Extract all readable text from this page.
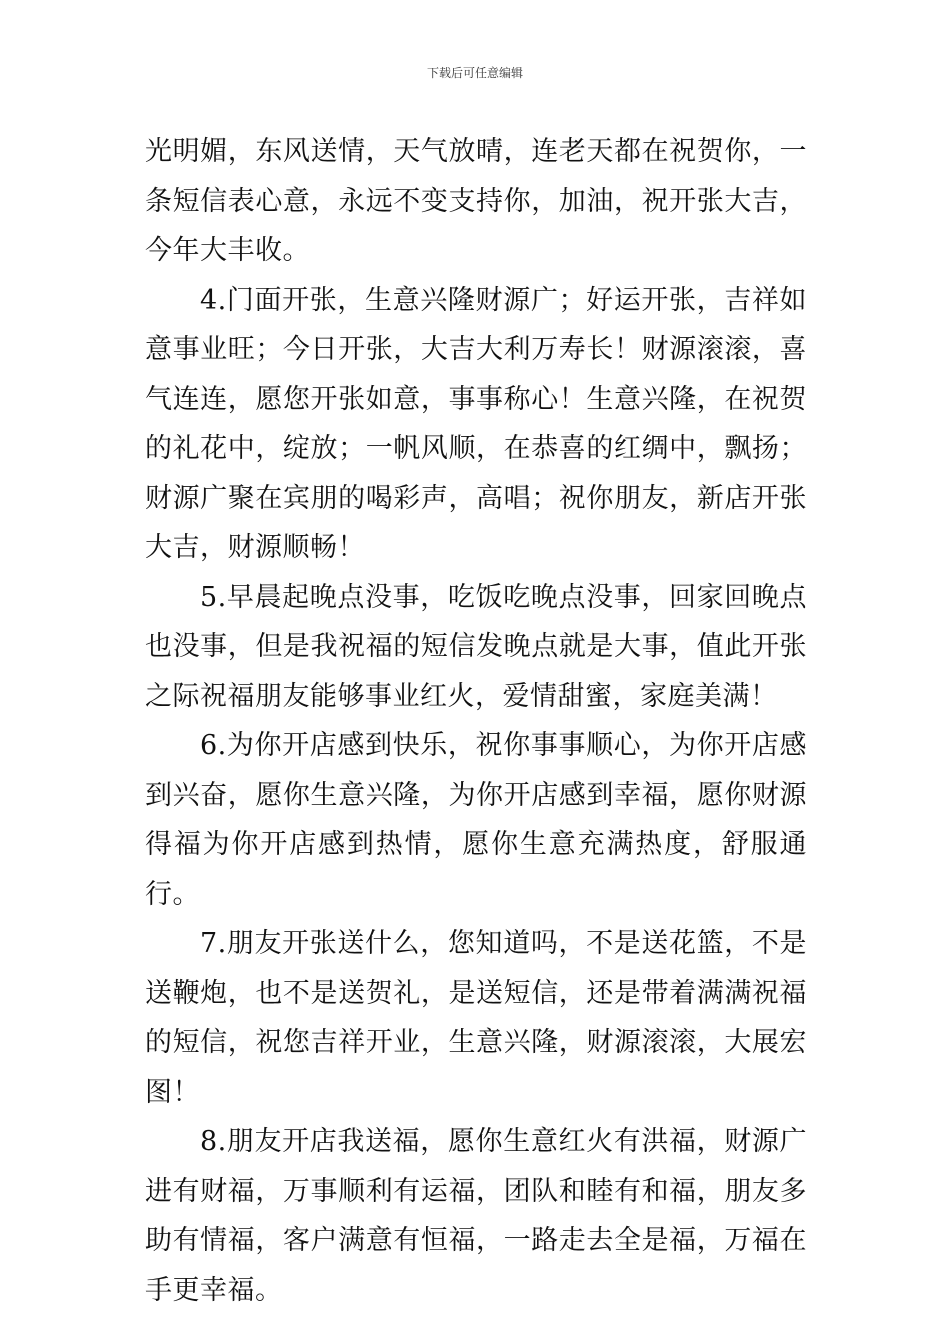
下载后可任意编辑

光明媚，东风送情，天气放晴，连老天都在祝贺你，一条短信表心意，永远不变支持你，加油，祝开张大吉，今年大丰收。

4.门面开张，生意兴隆财源广；好运开张，吉祥如意事业旺；今日开张，大吉大利万寿长！财源滚滚，喜气连连，愿您开张如意，事事称心！生意兴隆，在祝贺的礼花中，绽放；一帆风顺，在恭喜的红绸中，飘扬；财源广聚在宾朋的喝彩声，高唱；祝你朋友，新店开张大吉，财源顺畅！

5.早晨起晚点没事，吃饭吃晚点没事，回家回晚点也没事，但是我祝福的短信发晚点就是大事，值此开张之际祝福朋友能够事业红火，爱情甜蜜，家庭美满！

6.为你开店感到快乐，祝你事事顺心，为你开店感到兴奋，愿你生意兴隆，为你开店感到幸福，愿你财源得福为你开店感到热情，愿你生意充满热度，舒服通行。

7.朋友开张送什么，您知道吗，不是送花篮，不是送鞭炮，也不是送贺礼，是送短信，还是带着满满祝福的短信，祝您吉祥开业，生意兴隆，财源滚滚，大展宏图！

8.朋友开店我送福，愿你生意红火有洪福，财源广进有财福，万事顺利有运福，团队和睦有和福，朋友多助有情福，客户满意有恒福，一路走去全是福，万福在手更幸福。
